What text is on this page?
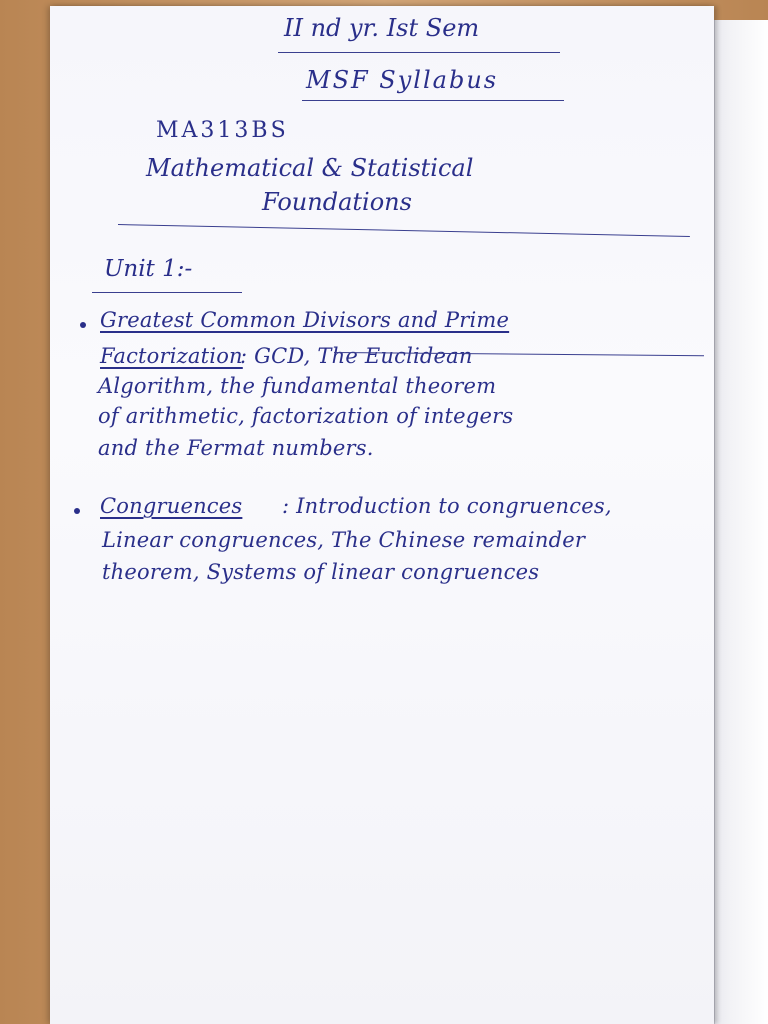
II nd yr. Ist Sem
MSF Syllabus
MA313BS
Mathematical & Statistical
Foundations
Unit 1:-
Greatest Common Divisors and Prime
Factorization
: GCD, The Euclidean
Algorithm, the fundamental theorem
of arithmetic, factorization of integers
and the Fermat numbers.
Congruences : Introduction to congruences,
Linear congruences, The Chinese remainder
theorem, Systems of linear congruences
